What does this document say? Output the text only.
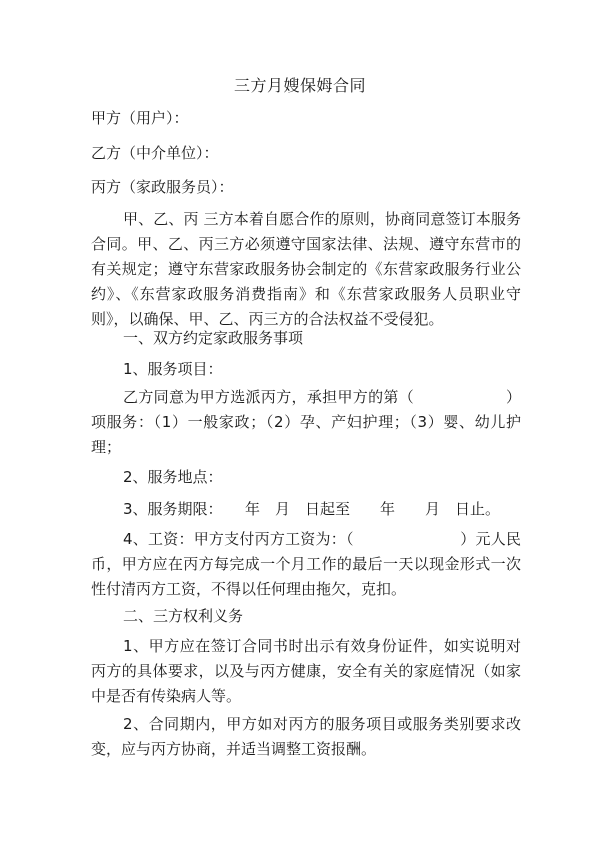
三方月嫂保姆合同
甲方（用户）：
乙方（中介单位）：
丙方（家政服务员）：
甲、乙、丙 三方本着自愿合作的原则，协商同意签订本服务合同。甲、乙、丙三方必须遵守国家法律、法规、遵守东营市的有关规定；遵守东营家政服务协会制定的《东营家政服务行业公约》、《东营家政服务消费指南》和《东营家政服务人员职业守则》，以确保、甲、乙、丙三方的合法权益不受侵犯。
一、双方约定家政服务事项
1、服务项目：
乙方同意为甲方选派丙方，承担甲方的第（　　　　　　）项服务：（1）一般家政；（2）孕、产妇护理；（3）婴、幼儿护理；
2、服务地点：
3、服务期限：　　年　月　日起至　　年　　月　日止。
4、工资：甲方支付丙方工资为：（　　　　　　　）元人民币，甲方应在丙方每完成一个月工作的最后一天以现金形式一次性付清丙方工资，不得以任何理由拖欠，克扣。
二、三方权利义务
1、甲方应在签订合同书时出示有效身份证件，如实说明对丙方的具体要求，以及与丙方健康，安全有关的家庭情况（如家中是否有传染病人等。
2、合同期内，甲方如对丙方的服务项目或服务类别要求改变，应与丙方协商，并适当调整工资报酬。
